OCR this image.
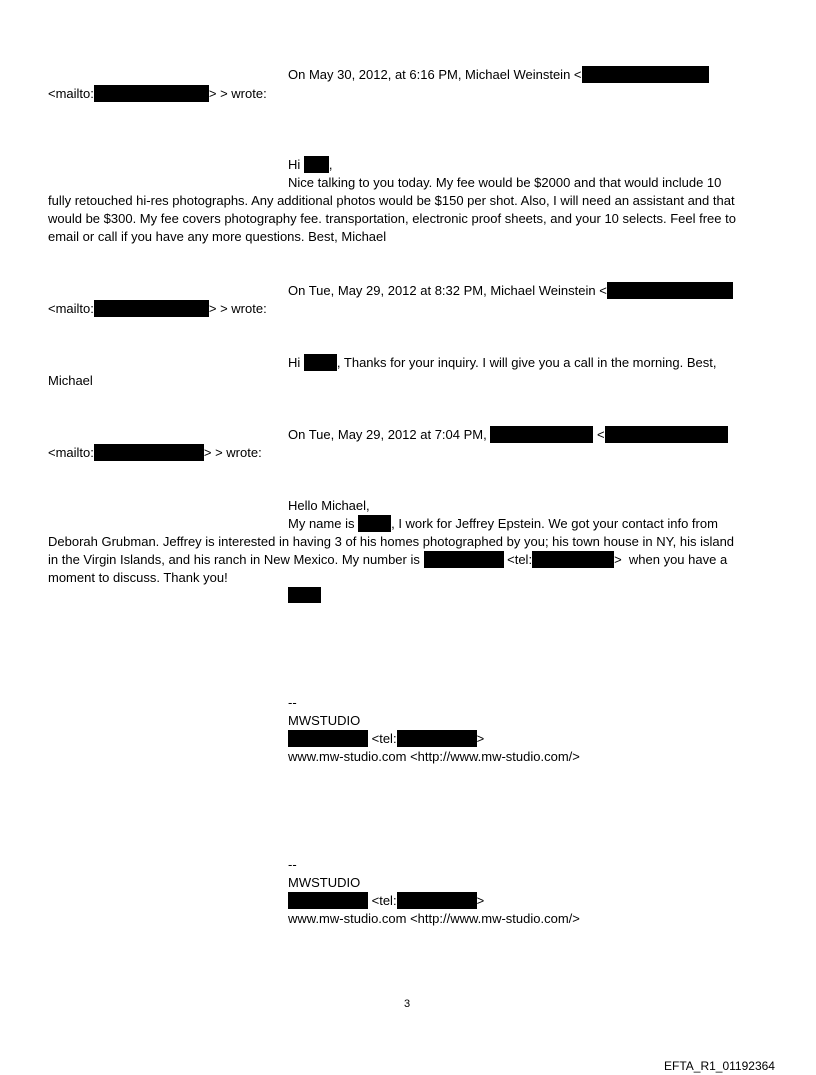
On May 30, 2012, at 6:16 PM, Michael Weinstein <
<mailto:	> > wrote:
Hi ,
Nice talking to you today. My fee would be $2000 and that would include 10
fully retouched hi-res photographs. Any additional photos would be $150 per shot. Also, I will need an assistant and that
would be $300. My fee covers photography fee. transportation, electronic proof sheets, and your 10 selects. Feel free to
email or call if you have any more questions. Best, Michael
On Tue, May 29, 2012 at 8:32 PM, Michael Weinstein <
<mailto:	> > wrote:
Hi	, Thanks for your inquiry. I will give you a call in the morning. Best,
Michael
On Tue, May 29, 2012 at 7:04 PM,	<
<mailto:	> > wrote:
Hello Michael,
My name is	, I work for Jeffrey Epstein. We got your contact info from
Deborah Grubman. Jeffrey is interested in having 3 of his homes photographed by you; his town house in NY, his island
in the Virgin Islands, and his ranch in New Mexico. My number is	<tel:	>  when you have a
moment to discuss. Thank you!
--
MWSTUDIO
<tel:	>
www.mw-studio.com <http://www.mw-studio.com/>
--
MWSTUDIO
<tel:	>
www.mw-studio.com <http://www.mw-studio.com/>
3
EFTA_R1_01192364
